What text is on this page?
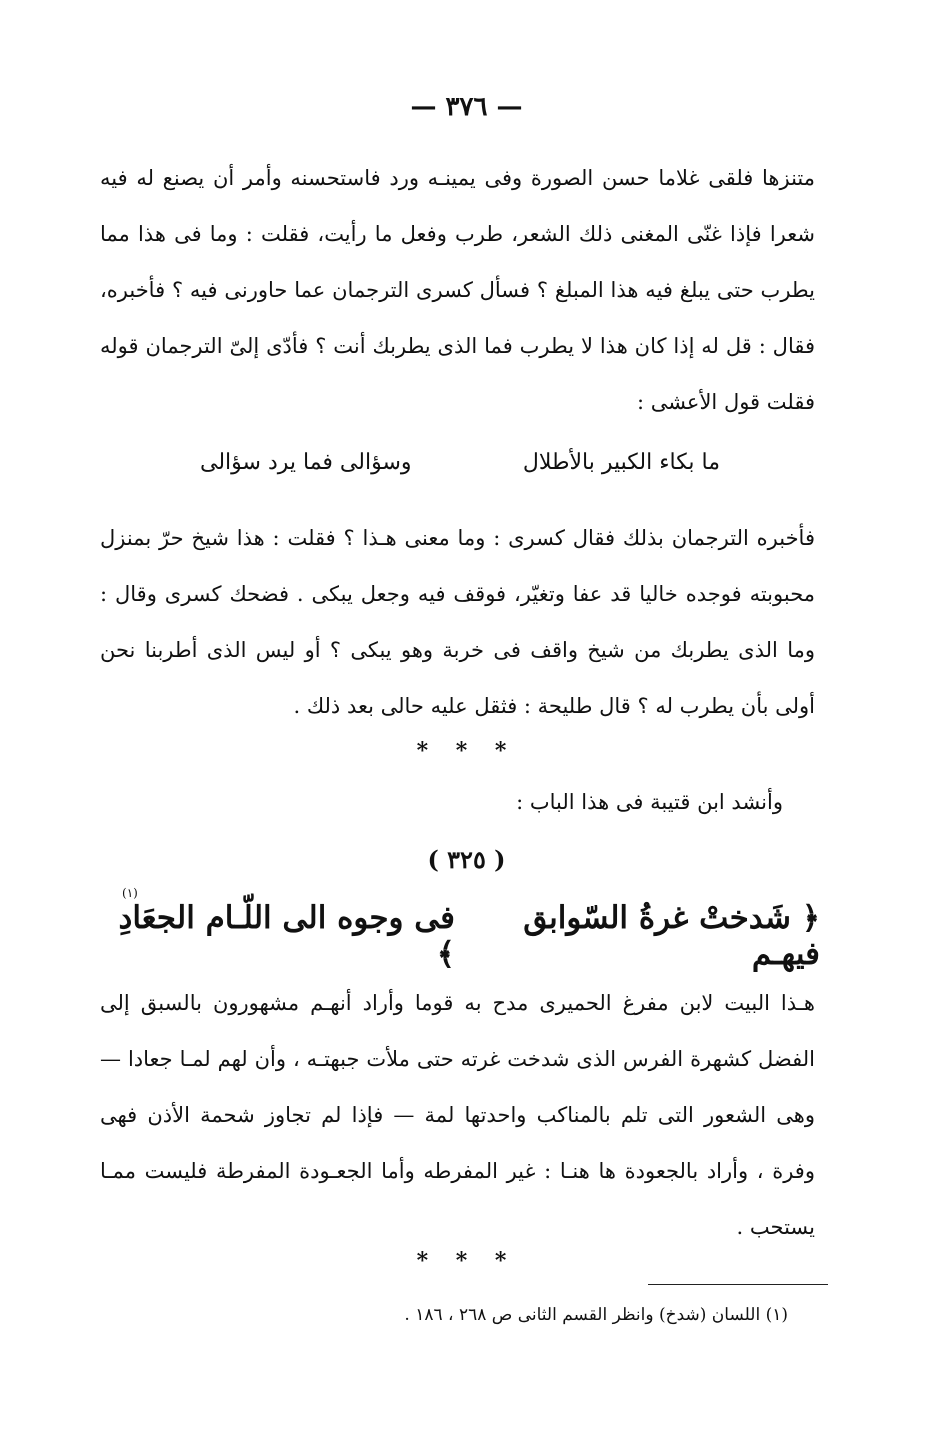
— ٣٧٦ —
متنزها فلقى غلاما حسن الصورة وفى يمينـه ورد فاستحسنه وأمر أن يصنع له فيه شعرا فإذا غنّى المغنى ذلك الشعر، طرب وفعل ما رأيت، فقلت : وما فى هذا مما يطرب حتى يبلغ فيه هذا المبلغ ؟ فسأل كسرى الترجمان عما حاورنى فيه ؟ فأخبره، فقال : قل له إذا كان هذا لا يطرب فما الذى يطربك أنت ؟ فأدّى إلىّ الترجمان قوله فقلت قول الأعشى :
ما بكاء الكبير بالأطلال
وسؤالى فما يرد سؤالى
فأخبره الترجمان بذلك فقال كسرى : وما معنى هـذا ؟ فقلت : هذا شيخ حرّ بمنزل محبوبته فوجده خاليا قد عفا وتغيّر، فوقف فيه وجعل يبكى . فضحك كسرى وقال : وما الذى يطربك من شيخ واقف فى خربة وهو يبكى ؟ أو ليس الذى أطربنا نحن أولى بأن يطرب له ؟ قال طليحة : فثقل عليه حالى بعد ذلك .
* * *
وأنشد ابن قتيبة فى هذا الباب :
( ٣٢٥ )
(١)
﴿ شَدختْ غرةُ السّوابق فيهـم
فى وجوه الى اللّـام الجعَادِ ﴾
هـذا البيت لابن مفرغ الحميرى مدح به قوما وأراد أنهـم مشهورون بالسبق إلى الفضل كشهرة الفرس الذى شدخت غرته حتى ملأت جبهتـه ، وأن لهم لمـا جعادا — وهى الشعور التى تلم بالمناكب واحدتها لمة — فإذا لم تجاوز شحمة الأذن فهى وفرة ، وأراد بالجعودة ها هنـا : غير المفرطه وأما الجعـودة المفرطة فليست ممـا يستحب .
* * *
(١) اللسان (شدخ) وانظر القسم الثانى ص ٢٦٨ ، ١٨٦ .
